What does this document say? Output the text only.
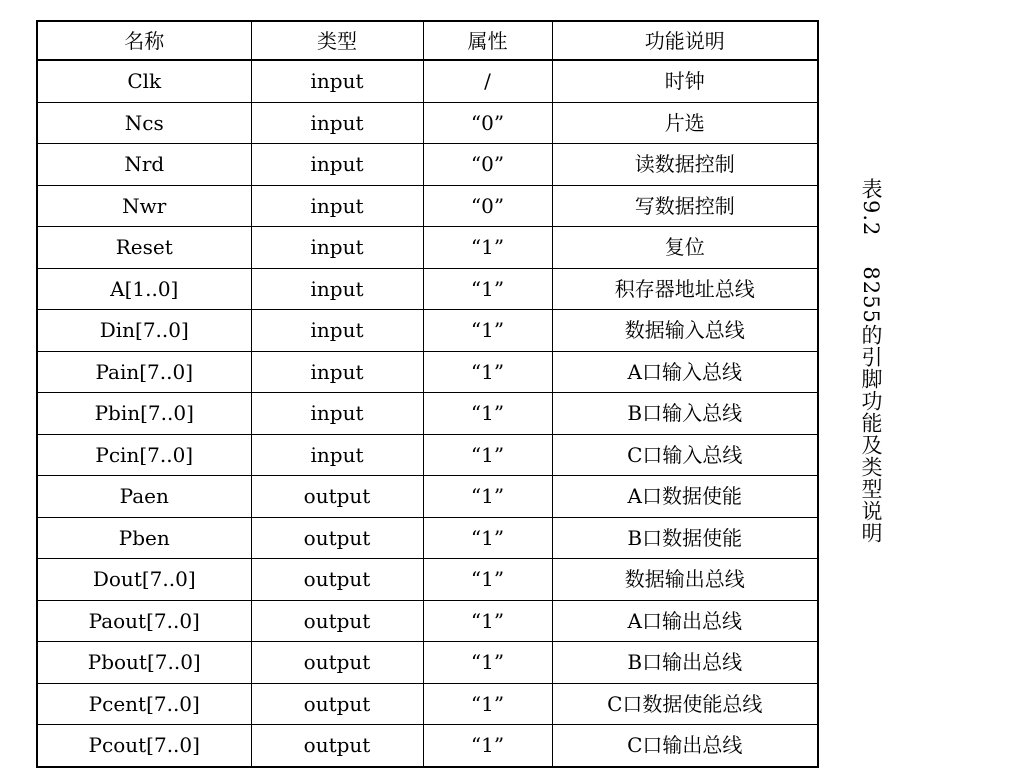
名称	类型	属性	功能说明
Clk	input	/	时钟
Ncs	input	“0”	片选
Nrd	input	“0”	读数据控制
Nwr	input	“0”	写数据控制
Reset	input	“1”	复位
A[1..0]	input	“1”	积存器地址总线
Din[7..0]	input	“1”	数据输入总线
Pain[7..0]	input	“1”	A口输入总线
Pbin[7..0]	input	“1”	B口输入总线
Pcin[7..0]	input	“1”	C口输入总线
Paen	output	“1”	A口数据使能
Pben	output	“1”	B口数据使能
Dout[7..0]	output	“1”	数据输出总线
Paout[7..0]	output	“1”	A口输出总线
Pbout[7..0]	output	“1”	B口输出总线
Pcent[7..0]	output	“1”	C口数据使能总线
Pcout[7..0]	output	“1”	C口输出总线
表9.28255的引脚功能及类型说明
